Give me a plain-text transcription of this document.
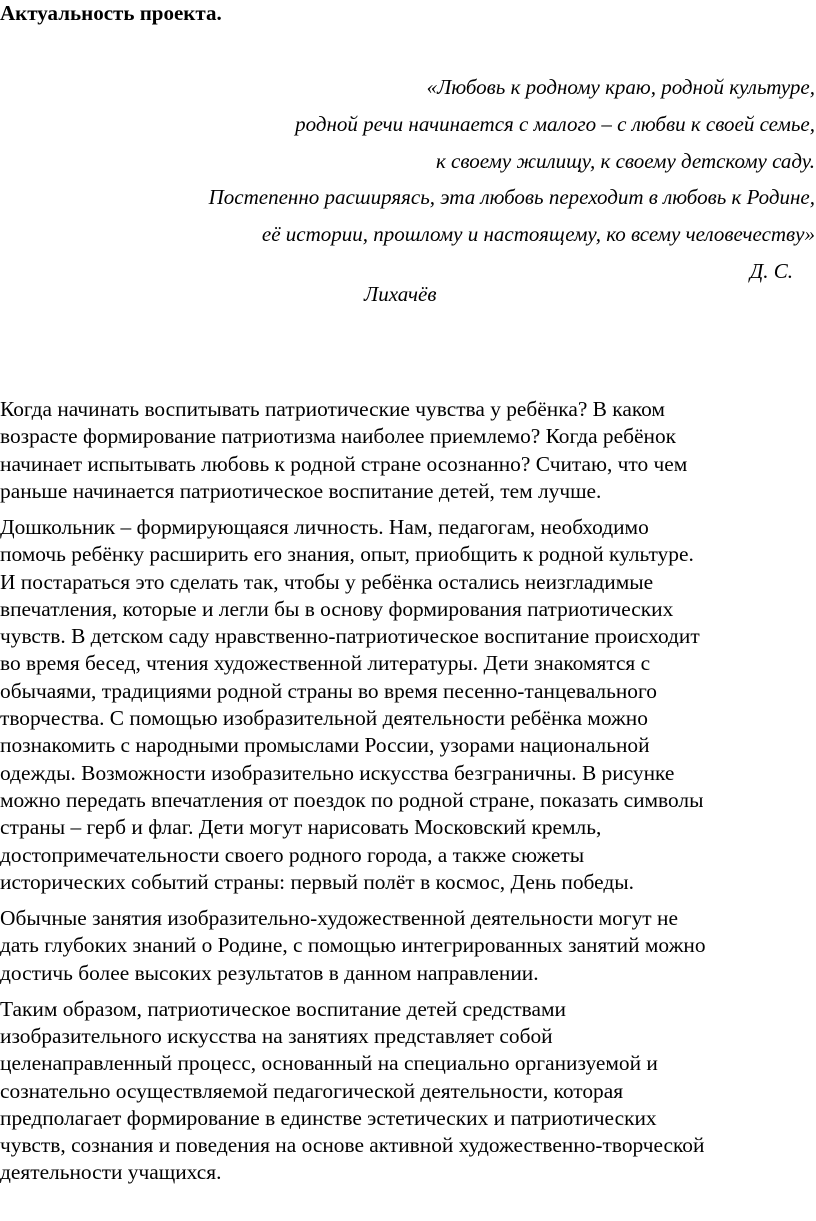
Актуальность проекта.
«Любовь к родному краю, родной культуре,
родной речи начинается с малого – с любви к своей семье,
к своему жилищу, к своему детскому саду.
Постепенно расширяясь, эта любовь переходит в любовь к Родине,
её истории, прошлому и настоящему, ко всему человечеству»
Д. С.
Лихачёв

Когда начинать воспитывать патриотические чувства у ребёнка? В каком
возрасте формирование патриотизма наиболее приемлемо? Когда ребёнок
начинает испытывать любовь к родной стране осознанно? Считаю, что чем
раньше начинается патриотическое воспитание детей, тем лучше.

Дошкольник – формирующаяся личность. Нам, педагогам, необходимо
помочь ребёнку расширить его знания, опыт, приобщить к родной культуре.
И постараться это сделать так, чтобы у ребёнка остались неизгладимые
впечатления, которые и легли бы в основу формирования патриотических
чувств. В детском саду нравственно-патриотическое воспитание происходит
во время бесед, чтения художественной литературы. Дети знакомятся с
обычаями, традициями родной страны во время песенно-танцевального
творчества. С помощью изобразительной деятельности ребёнка можно
познакомить с народными промыслами России, узорами национальной
одежды. Возможности изобразительно искусства безграничны. В рисунке
можно передать впечатления от поездок по родной стране, показать символы
страны – герб и флаг. Дети могут нарисовать Московский кремль,
достопримечательности своего родного города, а также сюжеты
исторических событий страны: первый полёт в космос, День победы.

Обычные занятия изобразительно-художественной деятельности могут не
дать глубоких знаний о Родине, с помощью интегрированных занятий можно
достичь более высоких результатов в данном направлении.

Таким образом, патриотическое воспитание детей средствами
изобразительного искусства на занятиях представляет собой
целенаправленный процесс, основанный на специально организуемой и
сознательно осуществляемой педагогической деятельности, которая
предполагает формирование в единстве эстетических и патриотических
чувств, сознания и поведения на основе активной художественно-творческой
деятельности учащихся.
